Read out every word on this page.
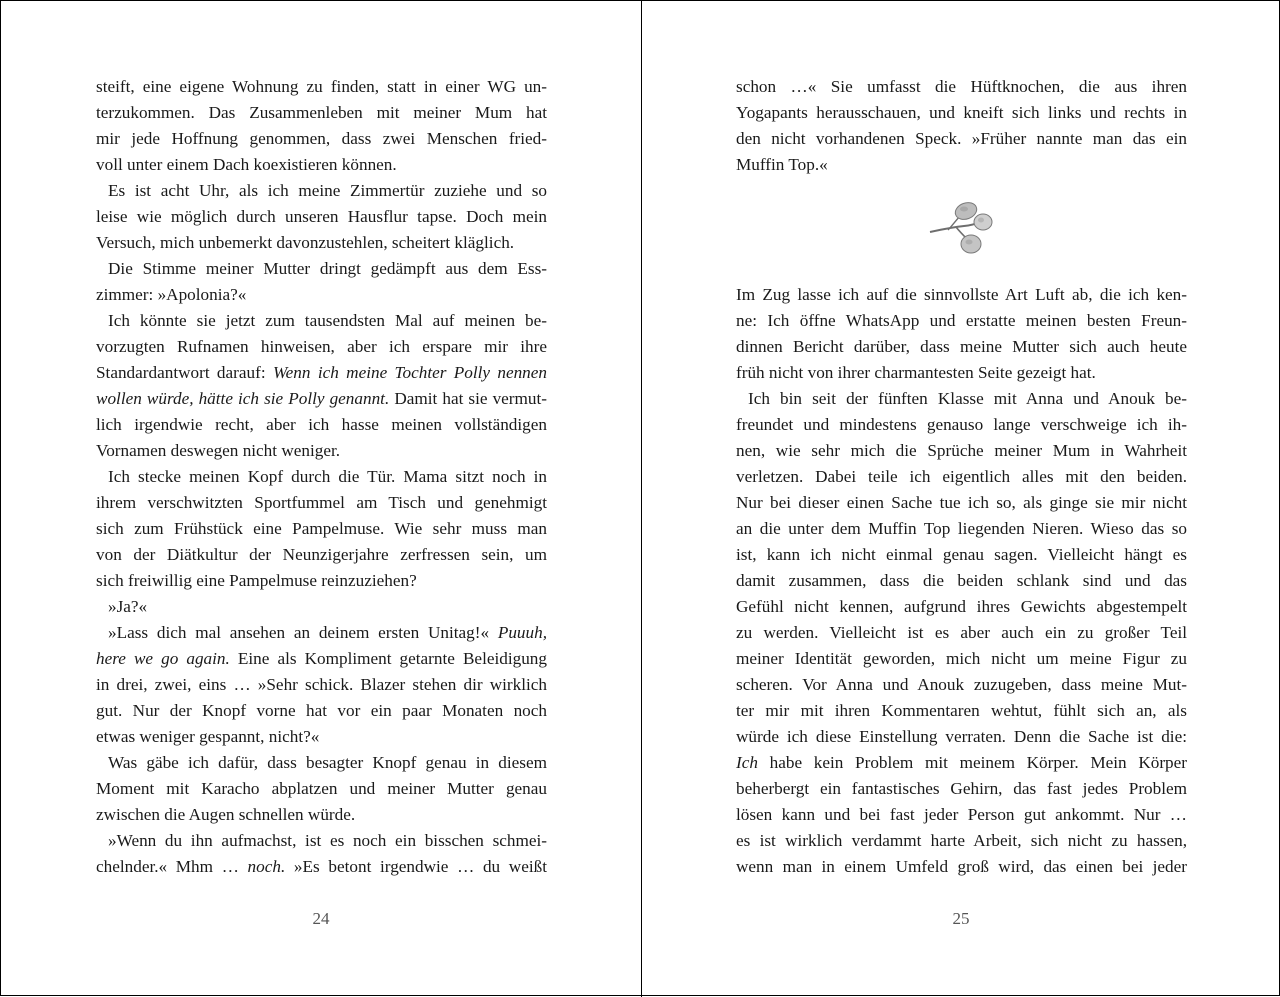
steift, eine eigene Wohnung zu finden, statt in einer WG un-
terzukommen. Das Zusammenleben mit meiner Mum hat
mir jede Hoffnung genommen, dass zwei Menschen fried-
voll unter einem Dach koexistieren können.
Es ist acht Uhr, als ich meine Zimmertür zuziehe und so
leise wie möglich durch unseren Hausflur tapse. Doch mein
Versuch, mich unbemerkt davonzustehlen, scheitert kläglich.
Die Stimme meiner Mutter dringt gedämpft aus dem Ess-
zimmer: »Apolonia?«
Ich könnte sie jetzt zum tausendsten Mal auf meinen be-
vorzugten Rufnamen hinweisen, aber ich erspare mir ihre
Standardantwort darauf: Wenn ich meine Tochter Polly nennen
wollen würde, hätte ich sie Polly genannt. Damit hat sie vermut-
lich irgendwie recht, aber ich hasse meinen vollständigen
Vornamen deswegen nicht weniger.
Ich stecke meinen Kopf durch die Tür. Mama sitzt noch in
ihrem verschwitzten Sportfummel am Tisch und genehmigt
sich zum Frühstück eine Pampelmuse. Wie sehr muss man
von der Diätkultur der Neunzigerjahre zerfressen sein, um
sich freiwillig eine Pampelmuse reinzuziehen?
»Ja?«
»Lass dich mal ansehen an deinem ersten Unitag!« Puuuh,
here we go again. Eine als Kompliment getarnte Beleidigung
in drei, zwei, eins … »Sehr schick. Blazer stehen dir wirklich
gut. Nur der Knopf vorne hat vor ein paar Monaten noch
etwas weniger gespannt, nicht?«
Was gäbe ich dafür, dass besagter Knopf genau in diesem
Moment mit Karacho abplatzen und meiner Mutter genau
zwischen die Augen schnellen würde.
»Wenn du ihn aufmachst, ist es noch ein bisschen schmei-
chelnder.« Mhm … noch. »Es betont irgendwie … du weißt
24
schon …« Sie umfasst die Hüftknochen, die aus ihren
Yogapants herausschauen, und kneift sich links und rechts in
den nicht vorhandenen Speck. »Früher nannte man das ein
Muffin Top.«
Im Zug lasse ich auf die sinnvollste Art Luft ab, die ich ken-
ne: Ich öffne WhatsApp und erstatte meinen besten Freun-
dinnen Bericht darüber, dass meine Mutter sich auch heute
früh nicht von ihrer charmantesten Seite gezeigt hat.
Ich bin seit der fünften Klasse mit Anna und Anouk be-
freundet und mindestens genauso lange verschweige ich ih-
nen, wie sehr mich die Sprüche meiner Mum in Wahrheit
verletzen. Dabei teile ich eigentlich alles mit den beiden.
Nur bei dieser einen Sache tue ich so, als ginge sie mir nicht
an die unter dem Muffin Top liegenden Nieren. Wieso das so
ist, kann ich nicht einmal genau sagen. Vielleicht hängt es
damit zusammen, dass die beiden schlank sind und das
Gefühl nicht kennen, aufgrund ihres Gewichts abgestempelt
zu werden. Vielleicht ist es aber auch ein zu großer Teil
meiner Identität geworden, mich nicht um meine Figur zu
scheren. Vor Anna und Anouk zuzugeben, dass meine Mut-
ter mir mit ihren Kommentaren wehtut, fühlt sich an, als
würde ich diese Einstellung verraten. Denn die Sache ist die:
Ich habe kein Problem mit meinem Körper. Mein Körper
beherbergt ein fantastisches Gehirn, das fast jedes Problem
lösen kann und bei fast jeder Person gut ankommt. Nur …
es ist wirklich verdammt harte Arbeit, sich nicht zu hassen,
wenn man in einem Umfeld groß wird, das einen bei jeder
25
